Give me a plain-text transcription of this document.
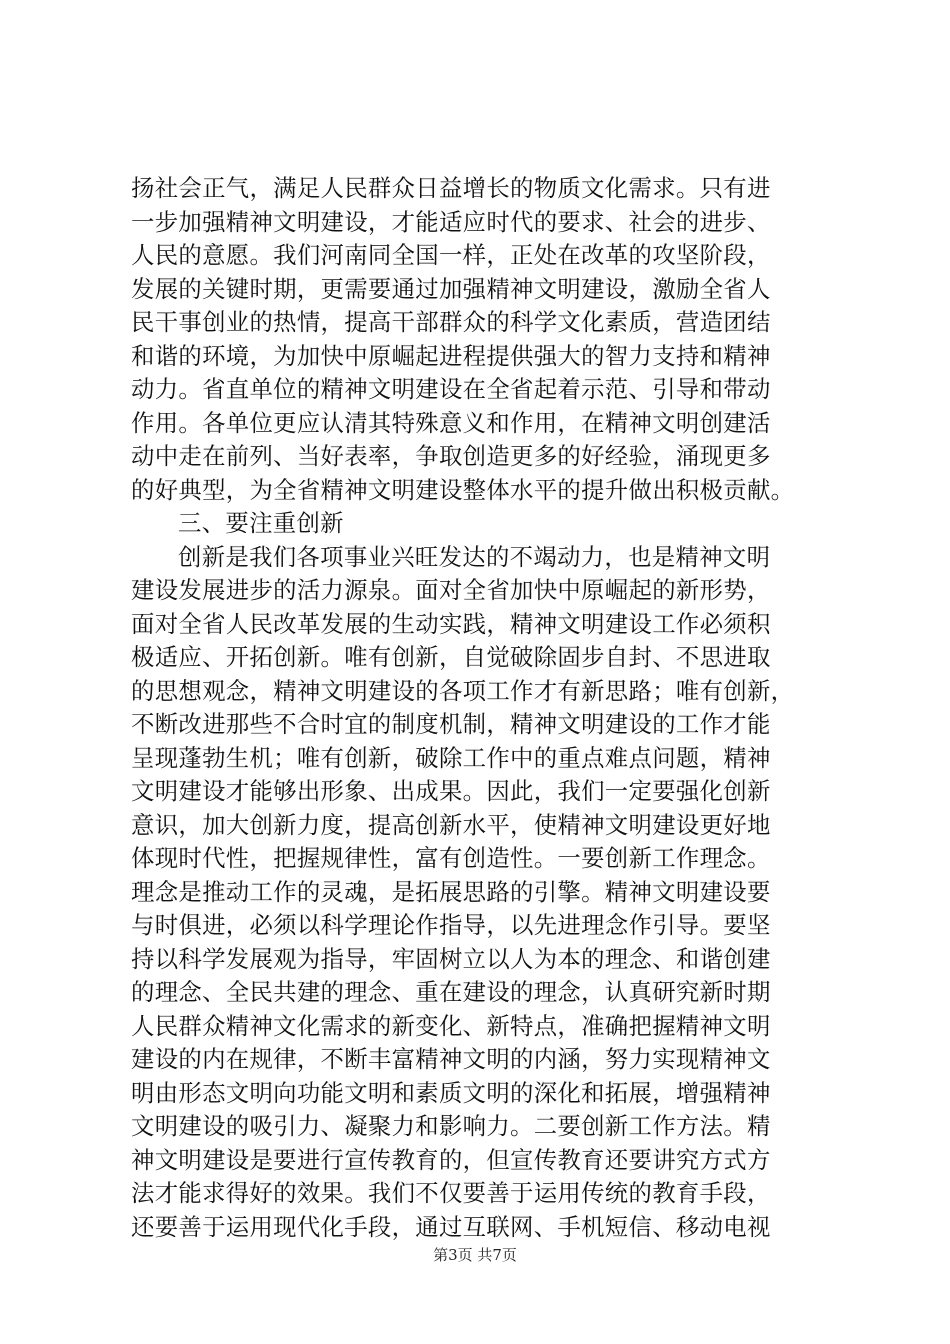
扬社会正气，满足人民群众日益增长的物质文化需求。只有进
一步加强精神文明建设，才能适应时代的要求、社会的进步、
人民的意愿。我们河南同全国一样，正处在改革的攻坚阶段，
发展的关键时期，更需要通过加强精神文明建设，激励全省人
民干事创业的热情，提高干部群众的科学文化素质，营造团结
和谐的环境，为加快中原崛起进程提供强大的智力支持和精神
动力。省直单位的精神文明建设在全省起着示范、引导和带动
作用。各单位更应认清其特殊意义和作用，在精神文明创建活
动中走在前列、当好表率，争取创造更多的好经验，涌现更多
的好典型，为全省精神文明建设整体水平的提升做出积极贡献。
三、要注重创新
创新是我们各项事业兴旺发达的不竭动力，也是精神文明
建设发展进步的活力源泉。面对全省加快中原崛起的新形势，
面对全省人民改革发展的生动实践，精神文明建设工作必须积
极适应、开拓创新。唯有创新，自觉破除固步自封、不思进取
的思想观念，精神文明建设的各项工作才有新思路；唯有创新，
不断改进那些不合时宜的制度机制，精神文明建设的工作才能
呈现蓬勃生机；唯有创新，破除工作中的重点难点问题，精神
文明建设才能够出形象、出成果。因此，我们一定要强化创新
意识，加大创新力度，提高创新水平，使精神文明建设更好地
体现时代性，把握规律性，富有创造性。一要创新工作理念。
理念是推动工作的灵魂，是拓展思路的引擎。精神文明建设要
与时俱进，必须以科学理论作指导，以先进理念作引导。要坚
持以科学发展观为指导，牢固树立以人为本的理念、和谐创建
的理念、全民共建的理念、重在建设的理念，认真研究新时期
人民群众精神文化需求的新变化、新特点，准确把握精神文明
建设的内在规律，不断丰富精神文明的内涵，努力实现精神文
明由形态文明向功能文明和素质文明的深化和拓展，增强精神
文明建设的吸引力、凝聚力和影响力。二要创新工作方法。精
神文明建设是要进行宣传教育的，但宣传教育还要讲究方式方
法才能求得好的效果。我们不仅要善于运用传统的教育手段，
还要善于运用现代化手段，通过互联网、手机短信、移动电视
第3页 共7页
